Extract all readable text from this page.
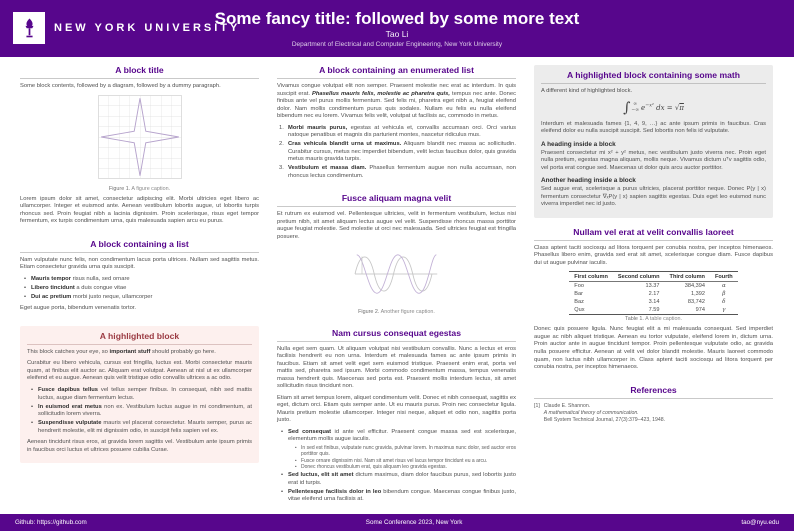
NEW YORK UNIVERSITY
Some fancy title: followed by some more text
Tao Li
Department of Electrical and Computer Engineering, New York University
A block title

Some block contents, followed by a diagram, followed by a dummy paragraph.

Figure 1. A figure caption.

Lorem ipsum dolor sit amet, consectetur adipiscing elit. Morbi ultricies eget libero ac ullamcorper. Integer et euismod ante. Aenean vestibulum lobortis augue, ut lobortis turpis rhoncus sed. Proin feugiat nibh a lacinia dignissim. Proin scelerisque, risus eget tempor fermentum, ex turpis condimentum urna, quis malesuada sapien arcu eu purus.

A block containing a list

Nam vulputate nunc felis, non condimentum lacus porta ultrices. Nullam sed sagittis metus. Etiam consectetur gravida urna quis suscipit.

• Mauris tempor risus nulla, sed ornare
• Libero tincidunt a duis congue vitae
• Dui ac pretium morbi justo neque, ullamcorper

Eget augue porta, bibendum venenatis tortor.

A highlighted block

This block catches your eye, so important stuff should probably go here.

Curabitur eu libero vehicula, cursus est fringilla, luctus est. Morbi consectetur mauris quam, at finibus elit auctor ac. Aliquam erat volutpat. Aenean at nisl ut ex ullamcorper eleifend et eu augue. Aenean quis velit tristique odio convallis ultrices a ac odio.

• Fusce dapibus tellus vel tellus semper finibus. In consequat, nibh sed mattis luctus, augue diam fermentum lectus.
• In euismod erat metus non ex. Vestibulum luctus augue in mi condimentum, at sollicitudin lorem viverra.
• Suspendisse vulputate mauris vel placerat consectetur. Mauris semper, purus ac hendrerit molestie, elit mi dignissim odio, in suscipit felis sapien vel ex.

Aenean tincidunt risus eros, at gravida lorem sagittis vel. Vestibulum ante ipsum primis in faucibus orci luctus et ultrices posuere cubilia Curae.

A block containing an enumerated list

Vivamus congue volutpat elit non semper. Praesent molestie nec erat ac interdum. In quis suscipit erat. Phasellus mauris felis, molestie ac pharetra quis, tempus nec ante. Donec finibus ante vel purus mollis fermentum. Sed felis mi, pharetra eget nibh a, feugiat eleifend dolor. Nam mollis condimentum purus quis sodales. Nullam eu felis eu nulla eleifend bibendum nec eu lorem. Vivamus felis velit, volutpat ut facilisis ac, commodo in metus.

Morbi mauris purus, egestas at vehicula et, convallis accumsan orci. Orci varius natoque penatibus et magnis dis parturient montes, nascetur ridiculus mus.
Cras vehicula blandit urna ut maximus. Aliquam blandit nec massa ac sollicitudin. Curabitur cursus, metus nec imperdiet bibendum, velit lectus faucibus dolor, quis gravida metus mauris gravida turpis.
Vestibulum et massa diam. Phasellus fermentum augue non nulla accumsan, non rhoncus lectus condimentum.
Fusce aliquam magna velit

Et rutrum ex euismod vel. Pellentesque ultricies, velit in fermentum vestibulum, lectus nisi pretium nibh, sit amet aliquam lectus augue vel velit. Suspendisse rhoncus massa porttitor augue feugiat molestie. Sed molestie ut orci nec malesuada. Sed ultricies feugiat est fringilla posuere.

Figure 2. Another figure caption.
Nam cursus consequat egestas

Nulla eget sem quam. Ut aliquam volutpat nisi vestibulum convallis. Nunc a lectus et eros facilisis hendrerit eu non urna. Interdum et malesuada fames ac ante ipsum primis in faucibus. Etiam sit amet velit eget sem euismod tristique. Praesent enim erat, porta vel mattis sed, pharetra sed ipsum. Morbi commodo condimentum massa, tempus venenatis massa hendrerit quis. Maecenas sed porta est. Praesent mollis interdum lectus, sit amet sollicitudin risus tincidunt non.

Etiam sit amet tempus lorem, aliquet condimentum velit. Donec et nibh consequat, sagittis ex eget, dictum orci. Etiam quis semper ante. Ut eu mauris purus. Proin nec consectetur ligula. Mauris pretium molestie ullamcorper. Integer nisi neque, aliquet et odio non, sagittis porta justo.

• Sed consequat id ante vel efficitur. Praesent congue massa sed est scelerisque, elementum mollis augue iaculis.
• In sed est finibus, vulputate nunc gravida, pulvinar lorem. In maximus nunc dolor, sed auctor eros porttitor quis.
• Fusce ornare dignissim nisi. Nam sit amet risus vel lacus tempor tincidunt eu a arcu.
• Donec rhoncus vestibulum erat, quis aliquam leo gravida egestas.
• Sed luctus, elit sit amet dictum maximus, diam dolor faucibus purus, sed lobortis justo erat id turpis.
• Pellentesque facilisis dolor in leo bibendum congue. Maecenas congue finibus justo, vitae eleifend urna facilisis at.
A highlighted block containing some math

A different kind of highlighted block.

∫ ∞
−∞ $e^{-x^2}$ dx = √π

Interdum et malesuada fames {1, 4, 9, …} ac ante ipsum primis in faucibus. Cras eleifend dolor eu nulla suscipit suscipit. Sed lobortis non felis id vulputate.

A heading inside a block

Praesent consectetur mi x² + y² metus, nec vestibulum justo viverra nec. Proin eget nulla pretium, egestas magna aliquam, mollis neque. Vivamus dictum uᵀv sagittis odio, vel porta erat congue sed. Maecenas ut dolor quis arcu auctor porttitor.

Another heading inside a block

Sed augue erat, scelerisque a purus ultricies, placerat porttitor neque. Donec P(y | x) fermentum consectetur ∇ₓP(y | x) sapien sagittis egestas. Duis eget leo euismod nunc viverra imperdiet nec id justo.

Nullam vel erat at velit convallis laoreet

Class aptent taciti sociosqu ad litora torquent per conubia nostra, per inceptos himenaeos. Phasellus libero enim, gravida sed erat sit amet, scelerisque congue diam. Fusce dapibus dui ut augue pulvinar iaculis.

First column	Second column	Third column	Fourth
Foo	13.37	384,394	α
Bar	2.17	1,392	β
Baz	3.14	83,742	δ
Qux	7.59	974	γ
Table 1. A table caption.

Donec quis posuere ligula. Nunc feugiat elit a mi malesuada consequat. Sed imperdiet augue ac nibh aliquet tristique. Aenean eu tortor vulputate, eleifend lorem in, dictum urna. Proin auctor ante in augue tincidunt tempor. Proin pellentesque vulputate odio, ac gravida nulla posuere efficitur. Aenean at velit vel dolor blandit molestie. Mauris laoreet commodo quam, non luctus nibh ullamcorper in. Class aptent taciti sociosqu ad litora torquent per conubia nostra, per inceptos himenaeos.

References
[1] Claude E. Shannon.
A mathematical theory of communication.
Bell System Technical Journal, 27(3):379–423, 1948.
Github: https://github.com	Some Conference 2023, New York	tao@nyu.edu
